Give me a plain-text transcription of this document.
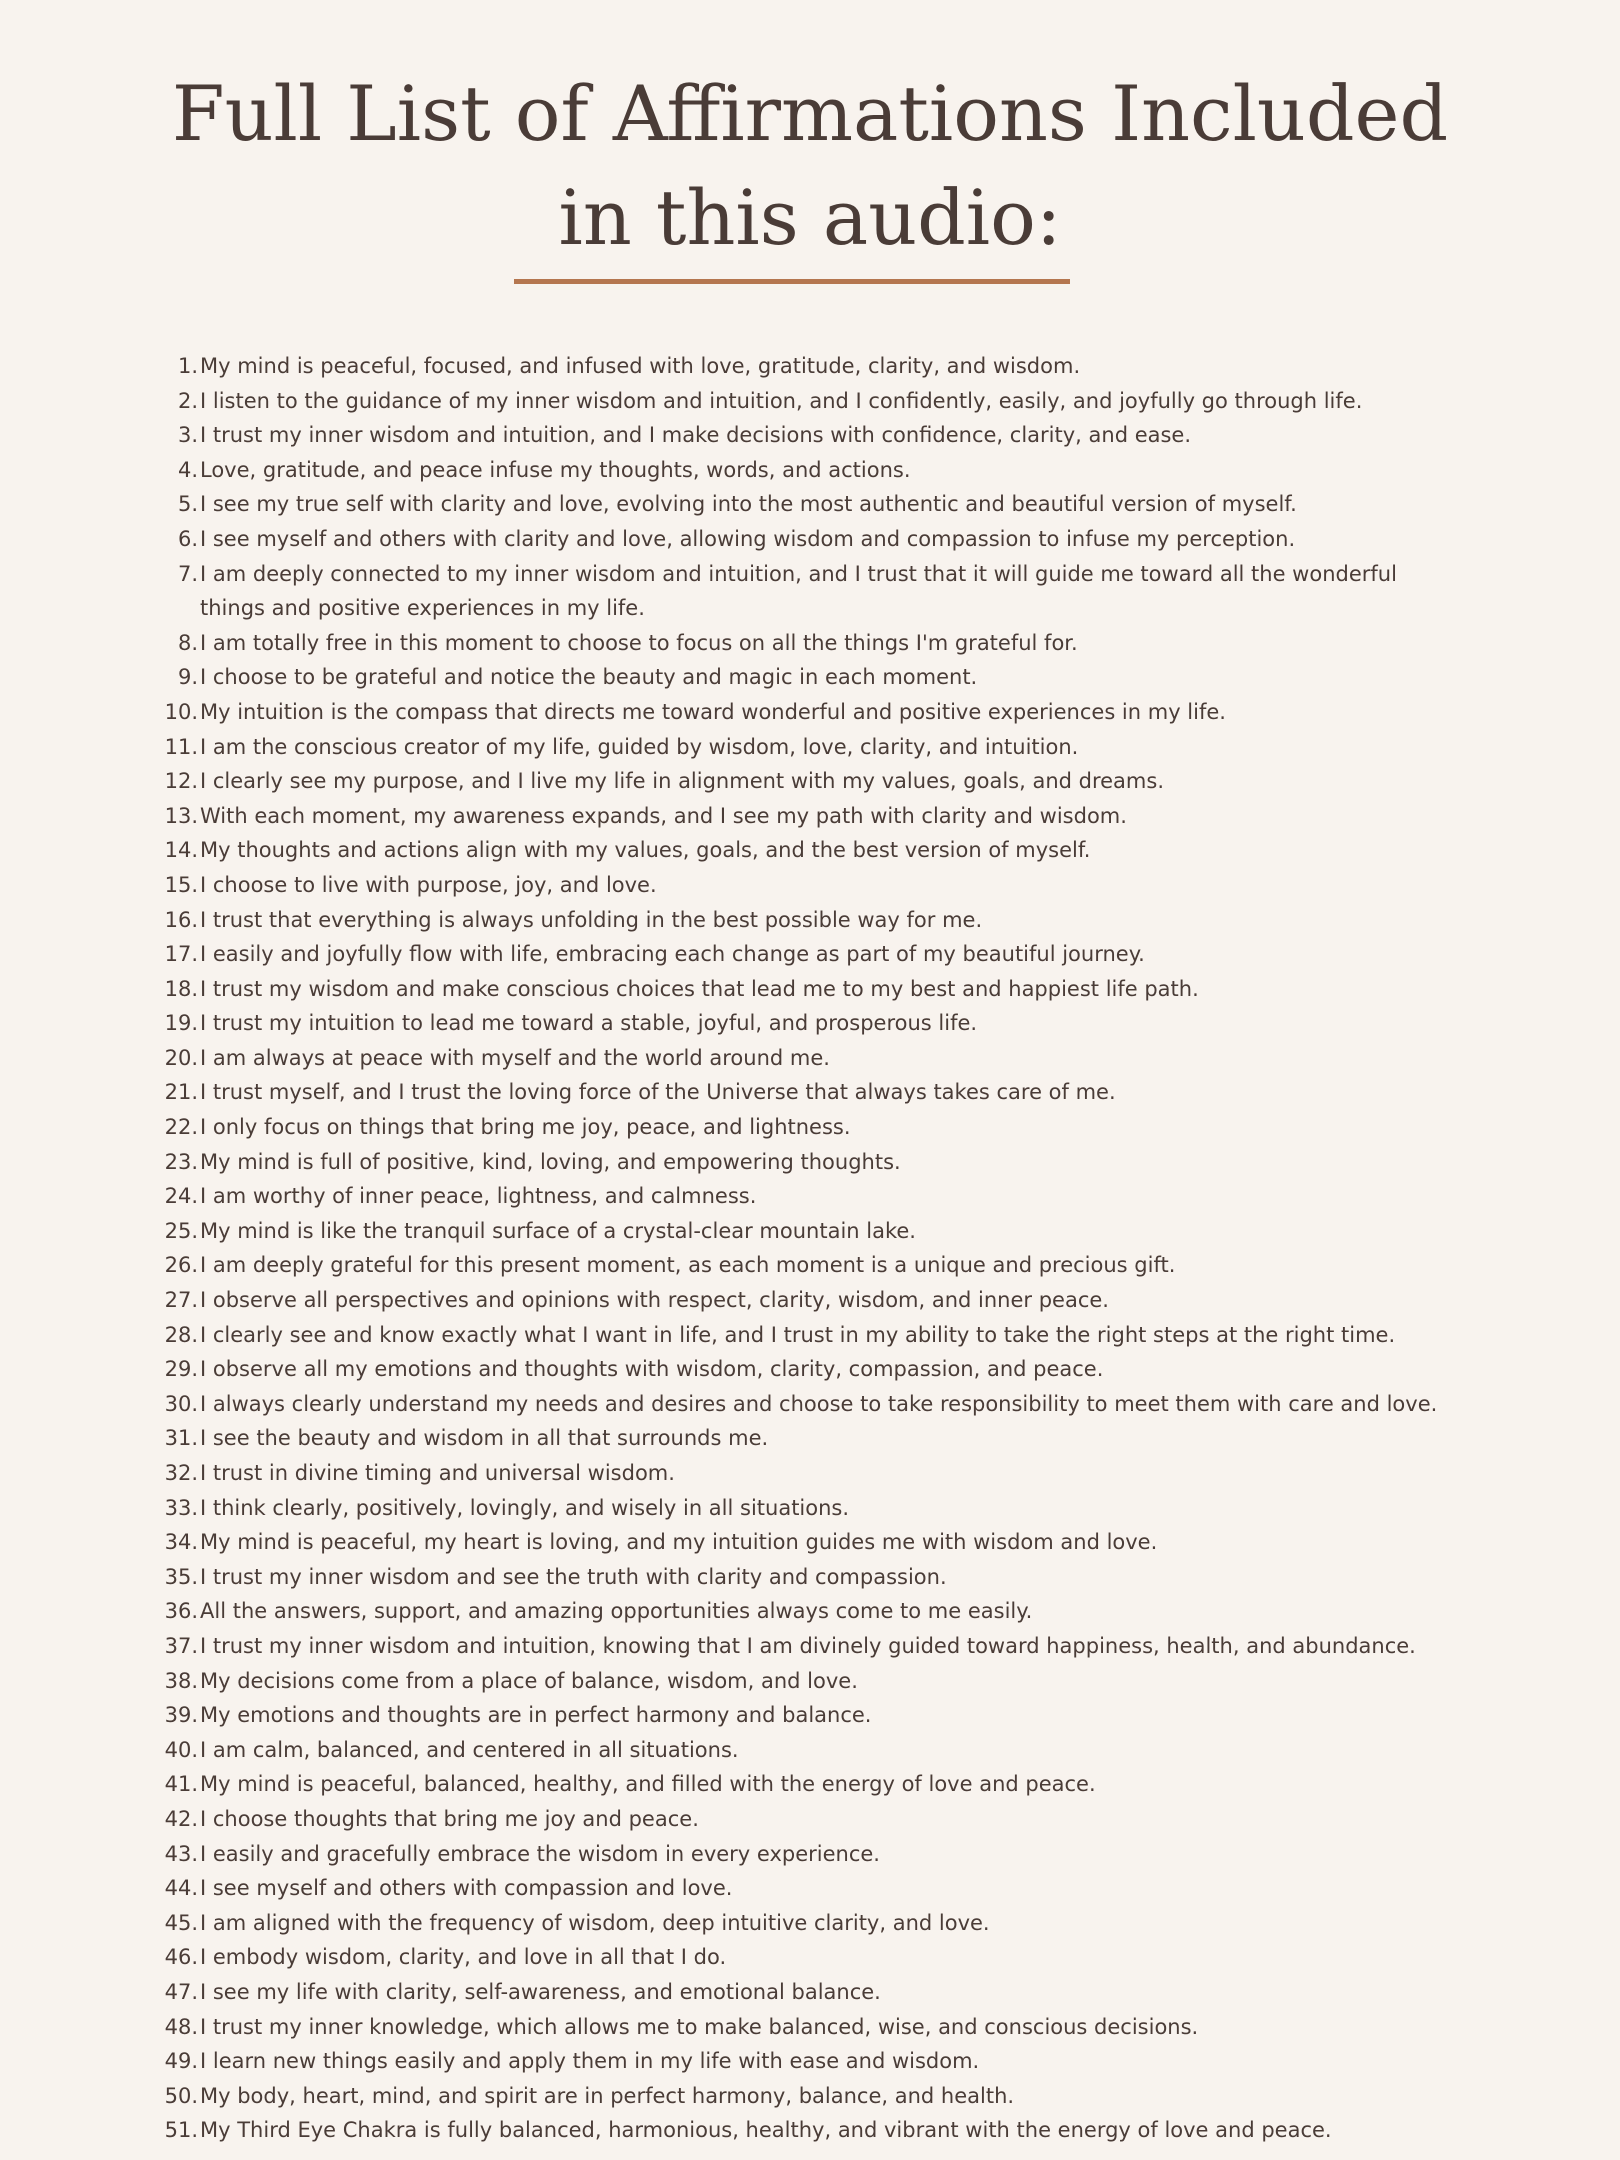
Full List of Affirmations Included
in this audio:
1. My mind is peaceful, focused, and infused with love, gratitude, clarity, and wisdom.
2. I listen to the guidance of my inner wisdom and intuition, and I confidently, easily, and joyfully go through life.
3. I trust my inner wisdom and intuition, and I make decisions with confidence, clarity, and ease.
4. Love, gratitude, and peace infuse my thoughts, words, and actions.
5. I see my true self with clarity and love, evolving into the most authentic and beautiful version of myself.
6. I see myself and others with clarity and love, allowing wisdom and compassion to infuse my perception.
7. I am deeply connected to my inner wisdom and intuition, and I trust that it will guide me toward all the wonderful things and positive experiences in my life.
8. I am totally free in this moment to choose to focus on all the things I'm grateful for.
9. I choose to be grateful and notice the beauty and magic in each moment.
10. My intuition is the compass that directs me toward wonderful and positive experiences in my life.
11. I am the conscious creator of my life, guided by wisdom, love, clarity, and intuition.
12. I clearly see my purpose, and I live my life in alignment with my values, goals, and dreams.
13. With each moment, my awareness expands, and I see my path with clarity and wisdom.
14. My thoughts and actions align with my values, goals, and the best version of myself.
15. I choose to live with purpose, joy, and love.
16. I trust that everything is always unfolding in the best possible way for me.
17. I easily and joyfully flow with life, embracing each change as part of my beautiful journey.
18. I trust my wisdom and make conscious choices that lead me to my best and happiest life path.
19. I trust my intuition to lead me toward a stable, joyful, and prosperous life.
20. I am always at peace with myself and the world around me.
21. I trust myself, and I trust the loving force of the Universe that always takes care of me.
22. I only focus on things that bring me joy, peace, and lightness.
23. My mind is full of positive, kind, loving, and empowering thoughts.
24. I am worthy of inner peace, lightness, and calmness.
25. My mind is like the tranquil surface of a crystal-clear mountain lake.
26. I am deeply grateful for this present moment, as each moment is a unique and precious gift.
27. I observe all perspectives and opinions with respect, clarity, wisdom, and inner peace.
28. I clearly see and know exactly what I want in life, and I trust in my ability to take the right steps at the right time.
29. I observe all my emotions and thoughts with wisdom, clarity, compassion, and peace.
30. I always clearly understand my needs and desires and choose to take responsibility to meet them with care and love.
31. I see the beauty and wisdom in all that surrounds me.
32. I trust in divine timing and universal wisdom.
33. I think clearly, positively, lovingly, and wisely in all situations.
34. My mind is peaceful, my heart is loving, and my intuition guides me with wisdom and love.
35. I trust my inner wisdom and see the truth with clarity and compassion.
36. All the answers, support, and amazing opportunities always come to me easily.
37. I trust my inner wisdom and intuition, knowing that I am divinely guided toward happiness, health, and abundance.
38. My decisions come from a place of balance, wisdom, and love.
39. My emotions and thoughts are in perfect harmony and balance.
40. I am calm, balanced, and centered in all situations.
41. My mind is peaceful, balanced, healthy, and filled with the energy of love and peace.
42. I choose thoughts that bring me joy and peace.
43. I easily and gracefully embrace the wisdom in every experience.
44. I see myself and others with compassion and love.
45. I am aligned with the frequency of wisdom, deep intuitive clarity, and love.
46. I embody wisdom, clarity, and love in all that I do.
47. I see my life with clarity, self-awareness, and emotional balance.
48. I trust my inner knowledge, which allows me to make balanced, wise, and conscious decisions.
49. I learn new things easily and apply them in my life with ease and wisdom.
50. My body, heart, mind, and spirit are in perfect harmony, balance, and health.
51. My Third Eye Chakra is fully balanced, harmonious, healthy, and vibrant with the energy of love and peace.
